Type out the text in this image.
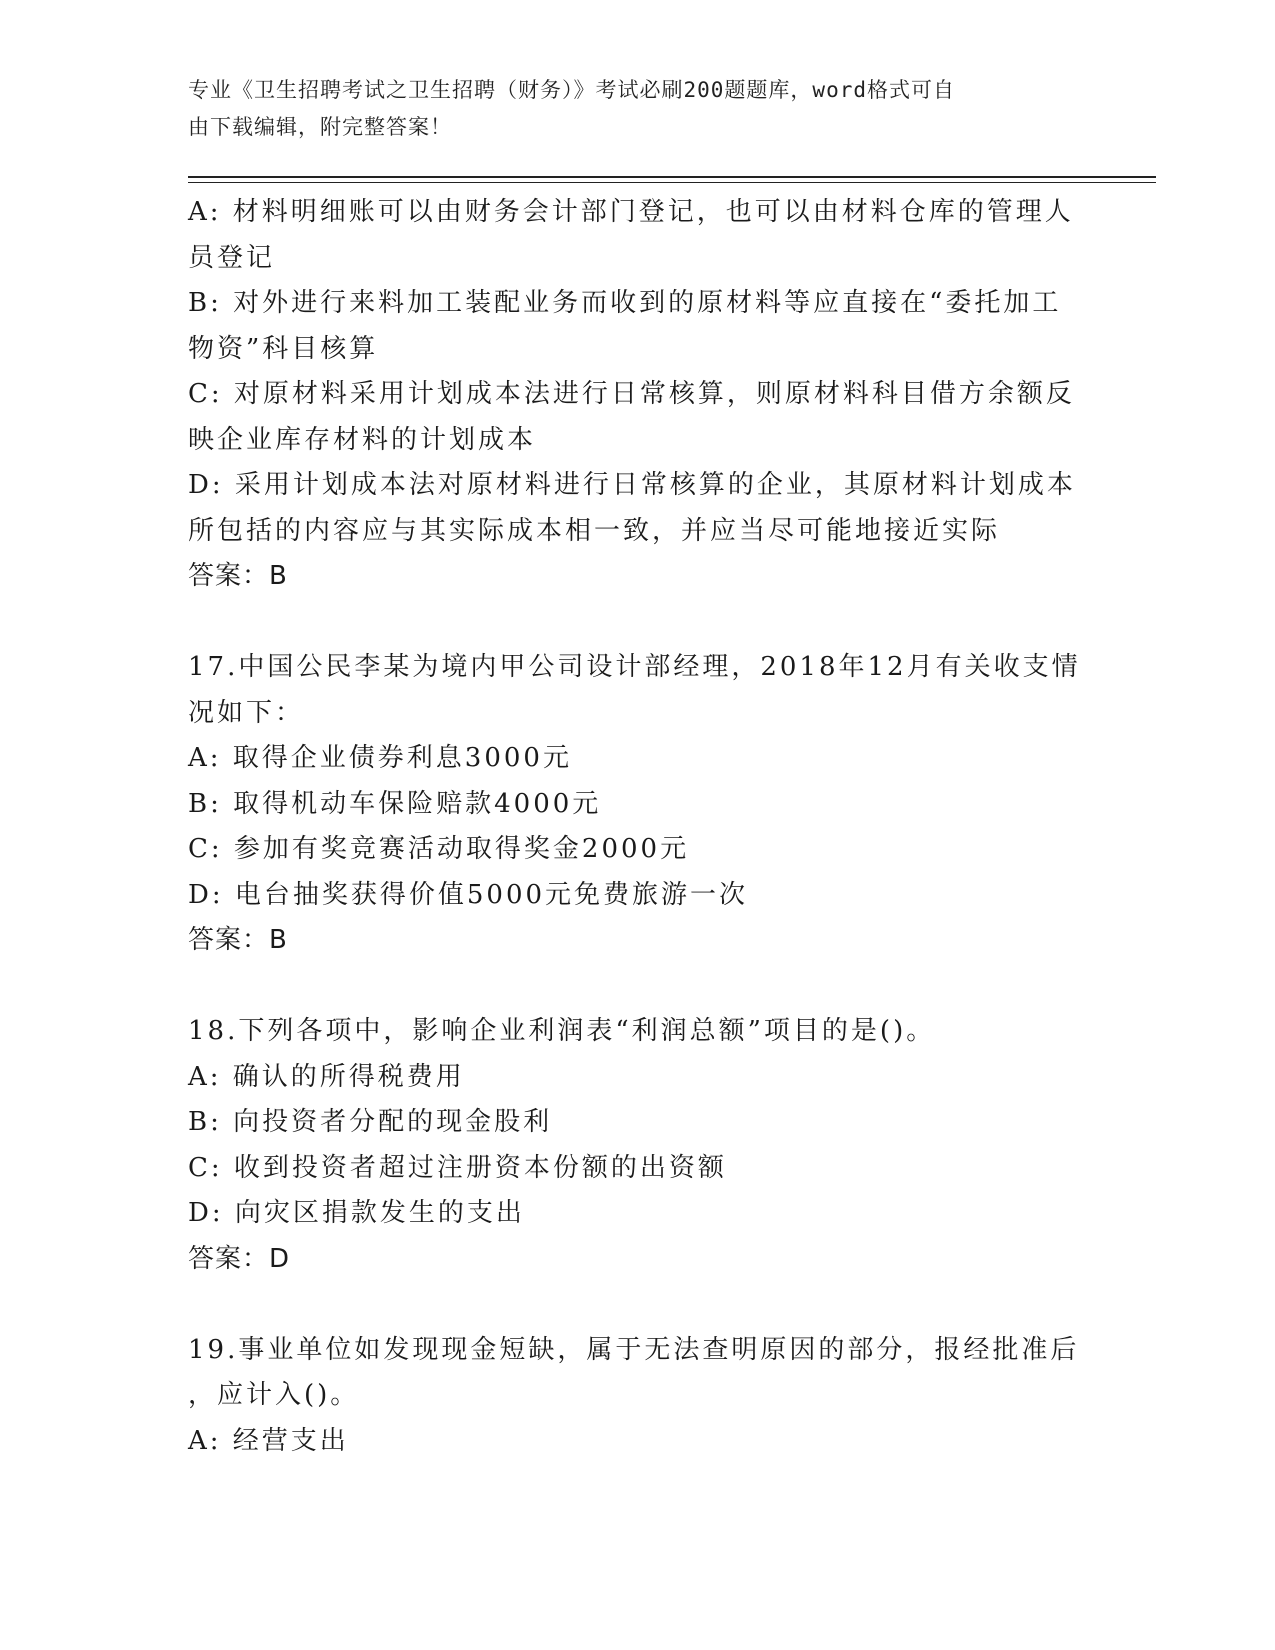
专业《卫生招聘考试之卫生招聘（财务）》考试必刷200题题库，word格式可自
由下载编辑，附完整答案！
A: 材料明细账可以由财务会计部门登记，也可以由材料仓库的管理人
员登记
B: 对外进行来料加工装配业务而收到的原材料等应直接在“委托加工
物资”科目核算
C: 对原材料采用计划成本法进行日常核算，则原材料科目借方余额反
映企业库存材料的计划成本
D: 采用计划成本法对原材料进行日常核算的企业，其原材料计划成本
所包括的内容应与其实际成本相一致，并应当尽可能地接近实际
答案：B
17.中国公民李某为境内甲公司设计部经理，2018年12月有关收支情
况如下：
A: 取得企业债券利息3000元
B: 取得机动车保险赔款4000元
C: 参加有奖竞赛活动取得奖金2000元
D: 电台抽奖获得价值5000元免费旅游一次
答案：B
18.下列各项中，影响企业利润表“利润总额”项目的是()。
A: 确认的所得税费用
B: 向投资者分配的现金股利
C: 收到投资者超过注册资本份额的出资额
D: 向灾区捐款发生的支出
答案：D
19.事业单位如发现现金短缺，属于无法查明原因的部分，报经批准后
，应计入()。
A: 经营支出
